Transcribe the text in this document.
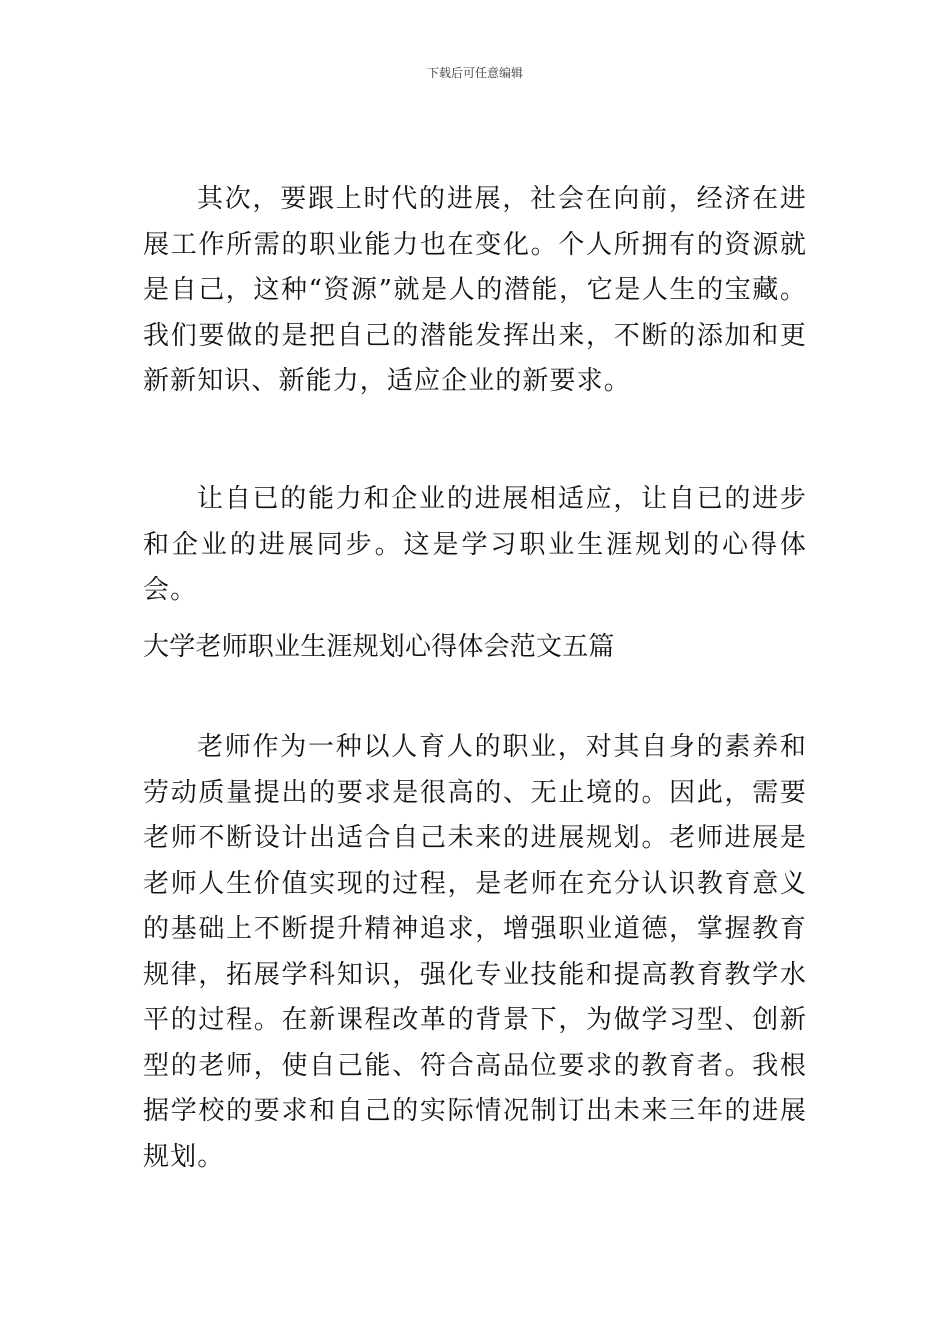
下载后可任意编辑

其次，要跟上时代的进展，社会在向前，经济在进展工作所需的职业能力也在变化。个人所拥有的资源就是自己，这种“资源”就是人的潜能，它是人生的宝藏。我们要做的是把自己的潜能发挥出来，不断的添加和更新新知识、新能力，适应企业的新要求。

让自已的能力和企业的进展相适应，让自已的进步和企业的进展同步。这是学习职业生涯规划的心得体会。

大学老师职业生涯规划心得体会范文五篇

老师作为一种以人育人的职业，对其自身的素养和劳动质量提出的要求是很高的、无止境的。因此，需要老师不断设计出适合自己未来的进展规划。老师进展是老师人生价值实现的过程，是老师在充分认识教育意义的基础上不断提升精神追求，增强职业道德，掌握教育规律，拓展学科知识，强化专业技能和提高教育教学水平的过程。在新课程改革的背景下，为做学习型、创新型的老师，使自己能、符合高品位要求的教育者。我根据学校的要求和自己的实际情况制订出未来三年的进展规划。
